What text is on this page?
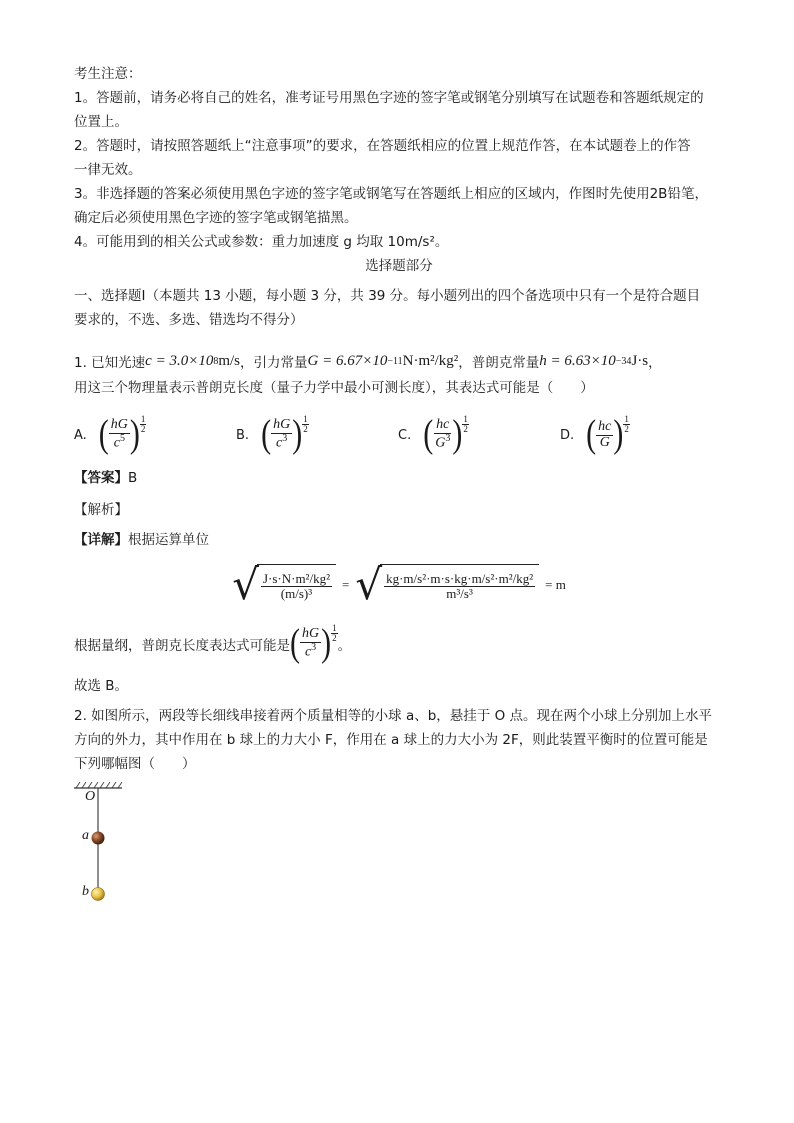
考生注意：

1。答题前，请务必将自己的姓名，准考证号用黑色字迹的签字笔或钢笔分别填写在试题卷和答题纸规定的

位置上。

2。答题时，请按照答题纸上“注意事项”的要求，在答题纸相应的位置上规范作答，在本试题卷上的作答

一律无效。

3。非选择题的答案必须使用黑色字迹的签字笔或钢笔写在答题纸上相应的区域内，作图时先使用2B铅笔，

确定后必须使用黑色字迹的签字笔或钢笔描黑。

4。可能用到的相关公式或参数：重力加速度 g 均取 10m/s²。

选择题部分

一、选择题Ⅰ（本题共 13 小题，每小题 3 分，共 39 分。每小题列出的四个备选项中只有一个是符合题目

要求的，不选、多选、错选均不得分）

1. 已知光速 c = 3.0×10 8 m/s ，引力常量 G = 6.67×10 −11 N·m²/kg² ，普朗克常量 h = 6.63×10 −34 J·s ，

用这三个物理量表示普朗克长度（量子力学中最小可测长度），其表达式可能是（　　）

A. ( $\frac{hG}{c^5}$ ) $\frac{1}{2}$
B. ( $\frac{hG}{c^3}$ ) $\frac{1}{2}$
C. ( $\frac{hc}{G^3}$ ) $\frac{1}{2}$
D. ( $\frac{hc}{G}$ ) $\frac{1}{2}$

【答案】B

【解析】

【详解】根据运算单位

√ $\frac{\text{J·s·N·m²/kg²}}{\text{(m/s)³}}$ = √ $\frac{\text{kg·m/s²·m·s·kg·m/s²·m²/kg²}}{\text{m³/s³}} = m$
根据量纲，普朗克长度表达式可能是 ( $\frac{hG}{c^3}$ ) $\frac{1}{2}$
。

故选 B。

2. 如图所示，两段等长细线串接着两个质量相等的小球 a、b，悬挂于 O 点。现在两个小球上分别加上水平

方向的外力，其中作用在 b 球上的力大小 F，作用在 a 球上的力大小为 2F，则此装置平衡时的位置可能是

下列哪幅图（　　）

O
a
b
